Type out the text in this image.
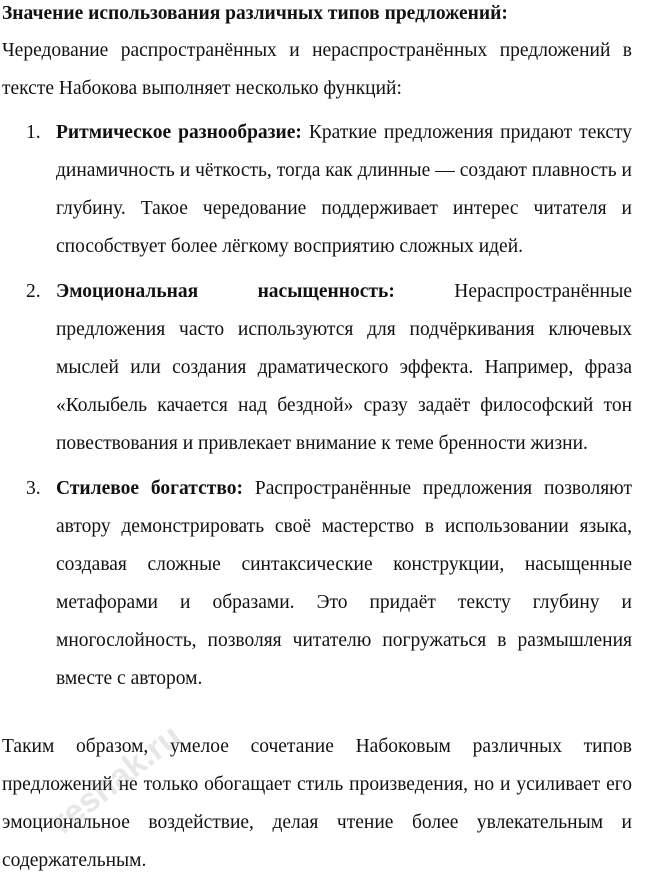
Значение использования различных типов предложений:
Чередование распространённых и нераспространённых предложений в тексте Набокова выполняет несколько функций:
1. Ритмическое разнообразие: Краткие предложения придают тексту динамичность и чёткость, тогда как длинные — создают плавность и глубину. Такое чередование поддерживает интерес читателя и способствует более лёгкому восприятию сложных идей.
2. Эмоциональная насыщенность: Нераспространённые предложения часто используются для подчёркивания ключевых мыслей или создания драматического эффекта. Например, фраза «Колыбель качается над бездной» сразу задаёт философский тон повествования и привлекает внимание к теме бренности жизни.
3. Стилевое богатство: Распространённые предложения позволяют автору демонстрировать своё мастерство в использовании языка, создавая сложные синтаксические конструкции, насыщенные метафорами и образами. Это придаёт тексту глубину и многослойность, позволяя читателю погружаться в размышления вместе с автором.
Таким образом, умелое сочетание Набоковым различных типов предложений не только обогащает стиль произведения, но и усиливает его эмоциональное воздействие, делая чтение более увлекательным и содержательным.
reshak.ru
